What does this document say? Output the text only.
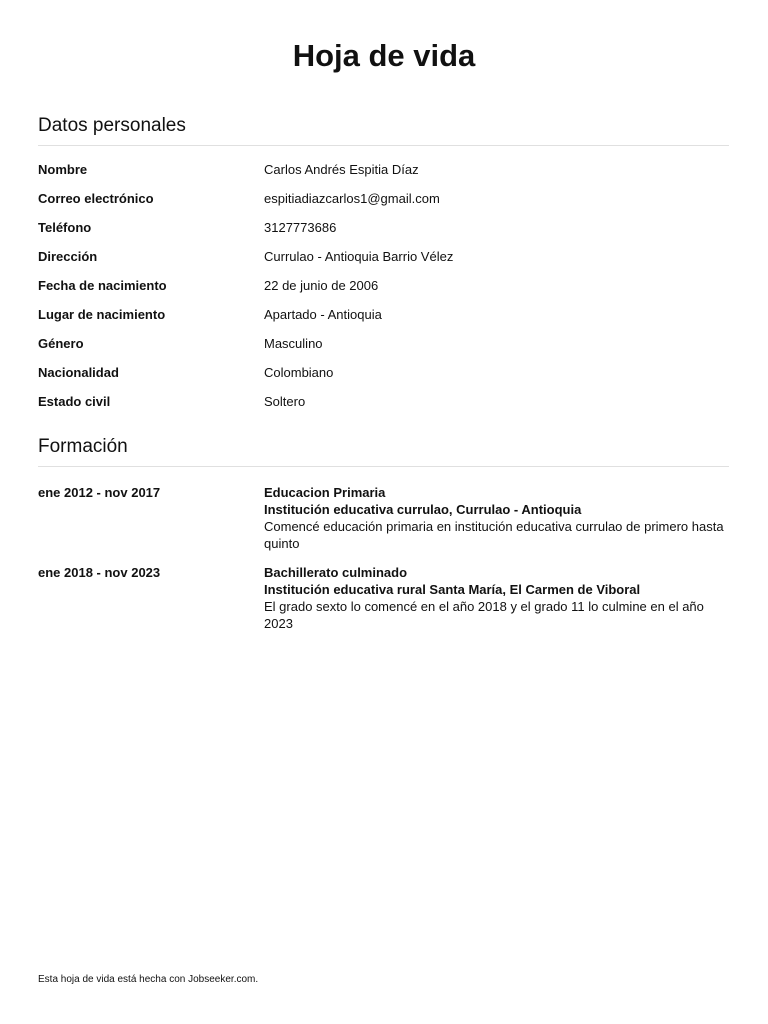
Hoja de vida
Datos personales
Nombre	Carlos Andrés Espitia Díaz
Correo electrónico	espitiadiazcarlos1@gmail.com
Teléfono	3127773686
Dirección	Currulao - Antioquia Barrio Vélez
Fecha de nacimiento	22 de junio de 2006
Lugar de nacimiento	Apartado - Antioquia
Género	Masculino
Nacionalidad	Colombiano
Estado civil	Soltero
Formación
ene 2012 - nov 2017	Educacion Primaria
Institución educativa currulao, Currulao - Antioquia
Comencé educación primaria en institución educativa currulao de primero hasta quinto
ene 2018 - nov 2023	Bachillerato culminado
Institución educativa rural Santa María, El Carmen de Viboral
El grado sexto lo comencé en el año 2018 y el grado 11 lo culmine en el año 2023
Esta hoja de vida está hecha con Jobseeker.com.
